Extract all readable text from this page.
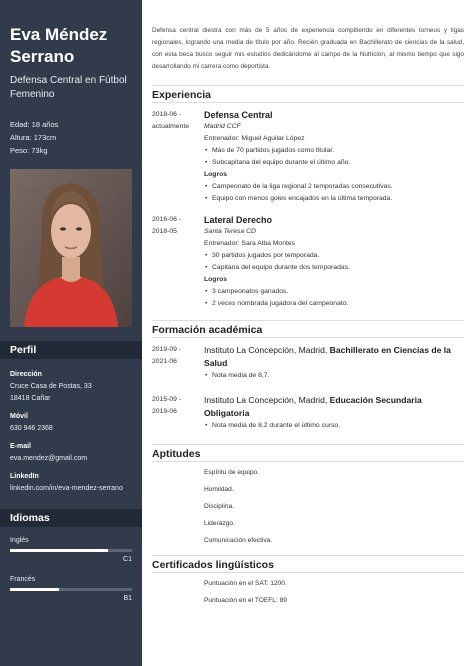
Eva Méndez
Serrano
Defensa Central en Fútbol Femenino
Edad: 18 años
Altura: 173cm
Peso: 73kg
Perfil
Dirección
Cruce Casa de Postas, 33
18418 Cañar
Móvil
630 946 2368
E-mail
eva.mendez@gmail.com
LinkedIn
linkedin.com/in/eva-mendez-serrano
Idiomas
Inglés
C1
Francés
B1

Defensa central diestra con más de 5 años de experiencia compitiendo en diferentes torneos y ligas regionales, logrando una media de título por año. Recién graduada en Bachillerato de ciencias de la salud, con esta beca busco seguir mis estudios dedicándome al campo de la Nutrición, al mismo tiempo que sigo desarrollando mi carrera como deportista.

Experiencia
2018-06 -
actualmente
Defensa Central
Madrid CCF
Entrenador: Miguel Aguilar López
• Más de 70 partidos jugados como titular.
• Subcapitana del equipo durante el último año.
Logros
• Campeonato de la liga regional 2 temporadas consecutivas.
• Equipo con menos goles encajados en la última temporada.
2016-06 -
2018-05
Lateral Derecho
Santa Teresa CD
Entrenador: Sara Alba Montes
• 30 partidos jugados por temporada.
• Capitana del equipo durante dos temporadas.
Logros
• 3 campeonatos ganados.
• 2 veces nombrada jugadora del campeonato.
Formación académica
2019-09 -
2021-06
Instituto La Concepción, Madrid, Bachillerato en Ciencias de la Salud
• Nota media de 8,7.
2015-09 -
2019-06
Instituto La Concepción, Madrid, Educación Secundaria Obligatoria
• Nota media de 8,2 durante el último curso.
Aptitudes
Espíritu de equipo.
Humildad.
Disciplina.
Liderazgo.
Comunicación efectiva.
Certificados lingüísticos
Puntuación en el SAT: 1200.
Puntuación en el TOEFL: 89
